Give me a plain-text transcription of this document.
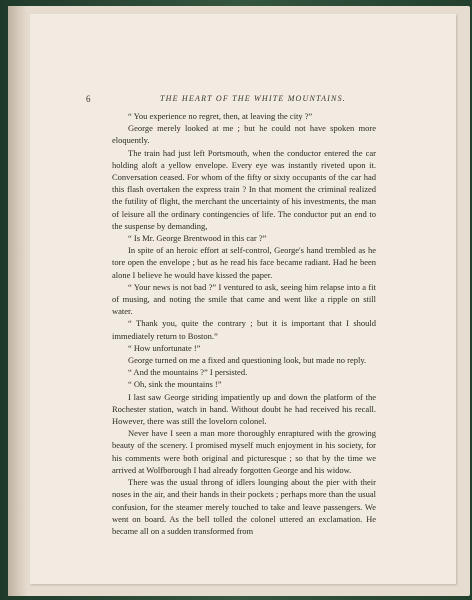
6	THE HEART OF THE WHITE MOUNTAINS.

“ You experience no regret, then, at leaving the city ?”

George merely looked at me ; but he could not have spoken more eloquently.

The train had just left Portsmouth, when the conductor entered the car holding aloft a yellow envelope. Every eye was instantly riveted upon it. Conversation ceased. For whom of the fifty or sixty occupants of the car had this flash overtaken the express train ? In that moment the criminal realized the futility of flight, the merchant the uncertainty of his investments, the man of leisure all the ordinary contingencies of life. The conductor put an end to the suspense by demanding,

“ Is Mr. George Brentwood in this car ?”

In spite of an heroic effort at self-control, George's hand trembled as he tore open the envelope ; but as he read his face became radiant. Had he been alone I believe he would have kissed the paper.

“ Your news is not bad ?” I ventured to ask, seeing him relapse into a fit of musing, and noting the smile that came and went like a ripple on still water.

“ Thank you, quite the contrary ; but it is important that I should immediately return to Boston.”

“ How unfortunate !”

George turned on me a fixed and questioning look, but made no reply.

“ And the mountains ?” I persisted.

“ Oh, sink the mountains !”

I last saw George striding impatiently up and down the platform of the Rochester station, watch in hand. Without doubt he had received his recall. However, there was still the lovelorn colonel.

Never have I seen a man more thoroughly enraptured with the growing beauty of the scenery. I promised myself much enjoyment in his society, for his comments were both original and picturesque ; so that by the time we arrived at Wolfborough I had already forgotten George and his widow.

There was the usual throng of idlers lounging about the pier with their noses in the air, and their hands in their pockets ; perhaps more than the usual confusion, for the steamer merely touched to take and leave passengers. We went on board. As the bell tolled the colonel uttered an exclamation. He became all on a sudden transformed from
